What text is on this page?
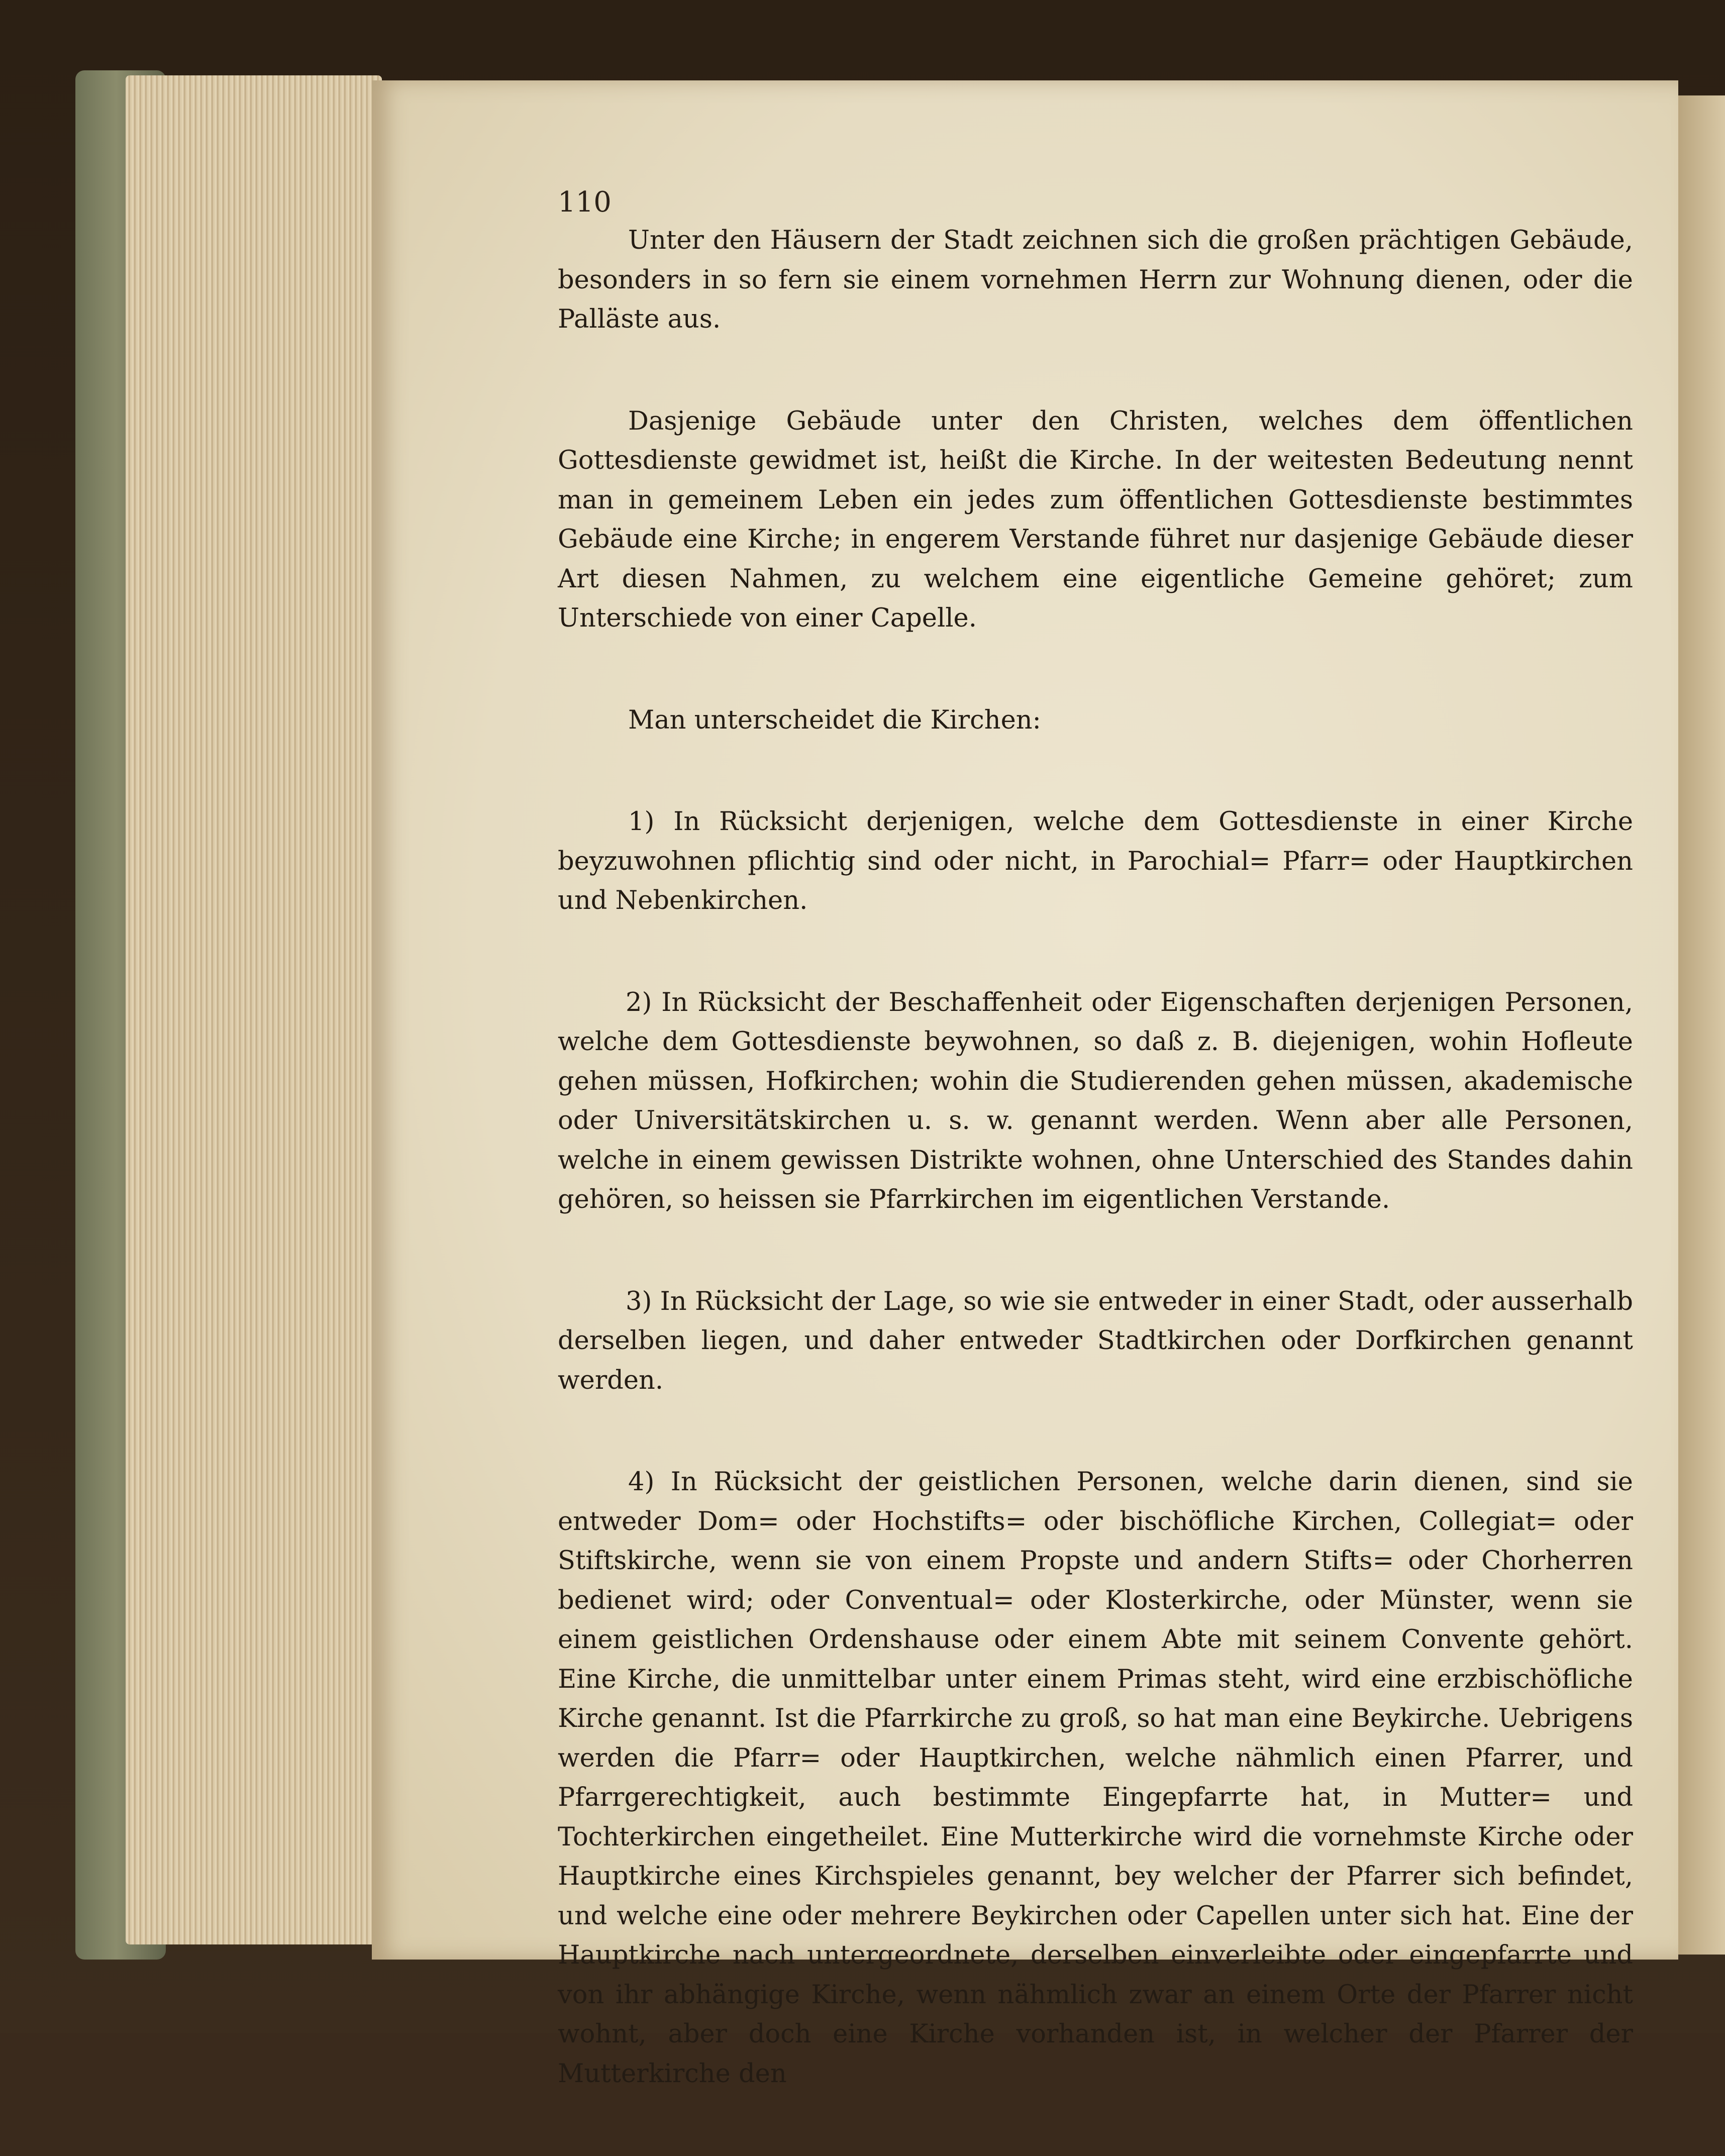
110

Unter den Häusern der Stadt zeichnen sich die großen prächtigen Gebäude, besonders in so fern sie einem vornehmen Herrn zur Wohnung dienen, oder die Palläste aus.

Dasjenige Gebäude unter den Christen, welches dem öffentlichen Gottesdienste gewidmet ist, heißt die Kirche. In der weitesten Bedeutung nennt man in gemeinem Leben ein jedes zum öffentlichen Gottesdienste bestimmtes Gebäude eine Kirche; in engerem Verstande führet nur dasjenige Gebäude dieser Art diesen Nahmen, zu welchem eine eigentliche Gemeine gehöret; zum Unterschiede von einer Capelle.

Man unterscheidet die Kirchen:

1) In Rücksicht derjenigen, welche dem Gottesdienste in einer Kirche beyzuwohnen pflichtig sind oder nicht, in Parochial= Pfarr= oder Hauptkirchen und Nebenkirchen.

2) In Rücksicht der Beschaffenheit oder Eigenschaften derjenigen Personen, welche dem Gottesdienste beywohnen, so daß z. B. diejenigen, wohin Hofleute gehen müssen, Hofkirchen; wohin die Studierenden gehen müssen, akademische oder Universitätskirchen u. s. w. genannt werden. Wenn aber alle Personen, welche in einem gewissen Distrikte wohnen, ohne Unterschied des Standes dahin gehören, so heissen sie Pfarrkirchen im eigentlichen Verstande.

3) In Rücksicht der Lage, so wie sie entweder in einer Stadt, oder ausserhalb derselben liegen, und daher entweder Stadtkirchen oder Dorfkirchen genannt werden.

4) In Rücksicht der geistlichen Personen, welche darin dienen, sind sie entweder Dom= oder Hochstifts= oder bischöfliche Kirchen, Collegiat= oder Stiftskirche, wenn sie von einem Propste und andern Stifts= oder Chorherren bedienet wird; oder Conventual= oder Klosterkirche, oder Münster, wenn sie einem geistlichen Ordenshause oder einem Abte mit seinem Convente gehört. Eine Kirche, die unmittelbar unter einem Primas steht, wird eine erzbischöfliche Kirche genannt. Ist die Pfarrkirche zu groß, so hat man eine Beykirche. Uebrigens werden die Pfarr= oder Hauptkirchen, welche nähmlich einen Pfarrer, und Pfarrgerechtigkeit, auch bestimmte Eingepfarrte hat, in Mutter= und Tochterkirchen eingetheilet. Eine Mutterkirche wird die vornehmste Kirche oder Hauptkirche eines Kirchspieles genannt, bey welcher der Pfarrer sich befindet, und welche eine oder mehrere Beykirchen oder Capellen unter sich hat. Eine der Hauptkirche nach untergeordnete, derselben einverleibte oder eingepfarrte und von ihr abhängige Kirche, wenn nähmlich zwar an einem Orte der Pfarrer nicht wohnt, aber doch eine Kirche vorhanden ist, in welcher der Pfarrer der Mutterkirche den
